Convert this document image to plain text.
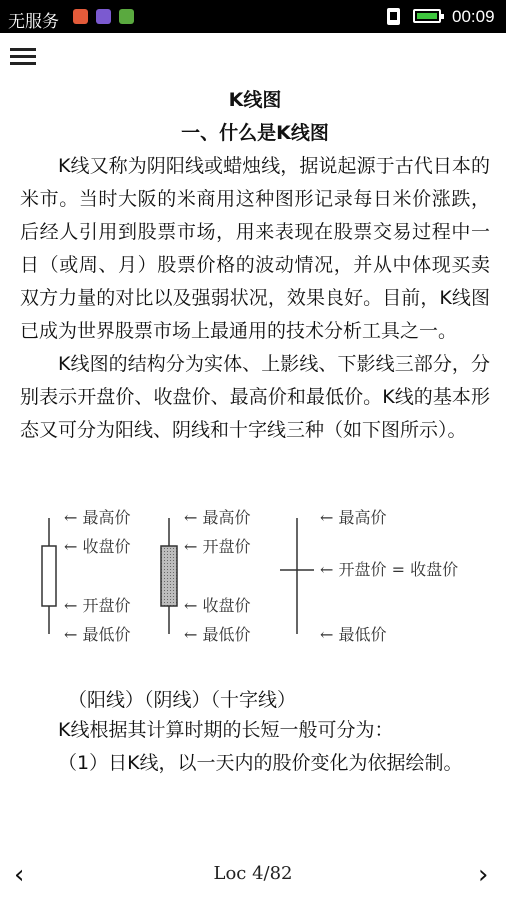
无服务	00:09

K线图

一、什么是K线图

K线又称为阴阳线或蜡烛线，据说起源于古代日本的米市。当时大阪的米商用这种图形记录每日米价涨跌，后经人引用到股票市场，用来表现在股票交易过程中一日（或周、月）股票价格的波动情况，并从中体现买卖双方力量的对比以及强弱状况，效果良好。目前，K线图已成为世界股票市场上最通用的技术分析工具之一。

K线图的结构分为实体、上影线、下影线三部分，分别表示开盘价、收盘价、最高价和最低价。K线的基本形态又可分为阳线、阴线和十字线三种（如下图所示）。

← 最高价
← 收盘价
← 开盘价
← 最低价
← 最高价
← 开盘价
← 收盘价
← 最低价
← 最高价
← 开盘价 = 收盘价
← 最低价

（阳线）（阴线）（十字线）

K线根据其计算时期的长短一般可分为：

（1）日K线，以一天内的股价变化为依据绘制。

‹	Loc 4/82	›
